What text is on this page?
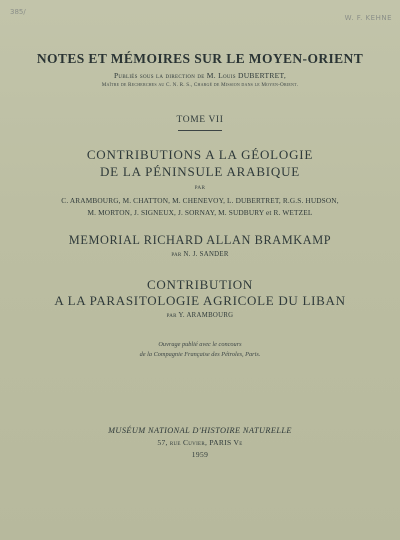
385/
W. F. KEHNE
NOTES ET MÉMOIRES SUR LE MOYEN-ORIENT
Publiés sous la direction de M. Louis DUBERTRET,
Maître de Recherches au C. N. R. S., Chargé de Mission dans le Moyen-Orient.
TOME VII
CONTRIBUTIONS A LA GÉOLOGIE
DE LA PÉNINSULE ARABIQUE
PAR
C. ARAMBOURG, M. CHATTON, M. CHENEVOY, L. DUBERTRET, R.G.S. HUDSON,
M. MORTON, J. SIGNEUX, J. SORNAY, M. SUDBURY et R. WETZEL
MEMORIAL RICHARD ALLAN BRAMKAMP
par N. J. SANDER
CONTRIBUTION
A LA PARASITOLOGIE AGRICOLE DU LIBAN
par Y. ARAMBOURG
Ouvrage publié avec le concours
de la Compagnie Française des Pétroles, Paris.
MUSÉUM NATIONAL D'HISTOIRE NATURELLE
57, rue Cuvier, PARIS Ve
1959
